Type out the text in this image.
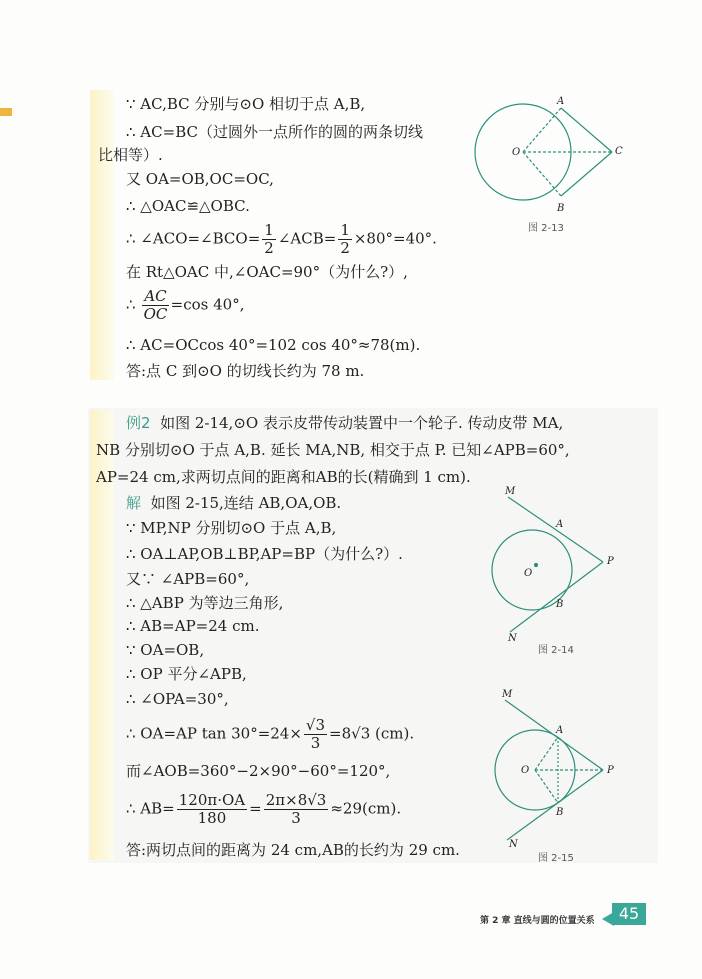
∵ AC,BC 分别与⊙O 相切于点 A,B,
∴ AC=BC（过圆外一点所作的圆的两条切线
比相等）.
又 OA=OB,OC=OC,
∴ △OAC≌△OBC.
∴ ∠ACO=∠BCO= $\frac{1}{2}$ ∠ACB= $\frac{1}{2} \times 80^\circ=40^\circ$.
在 Rt△OAC 中,∠OAC=90°（为什么?）,
∴ $\frac{AC}{OC} =\cos$ 40°,
∴ AC=OCcos 40°=102 cos 40°≈78(m).
答:点 C 到⊙O 的切线长约为 78 m.
例2 如图 2-14,⊙O 表示皮带传动装置中一个轮子. 传动皮带 MA,
NB 分别切⊙O 于点 A,B. 延长 MA,NB, 相交于点 P. 已知∠APB=60°,
AP=24 cm,求两切点间的距离和AB的长(精确到 1 cm).
解 如图 2-15,连结 AB,OA,OB.
∵ MP,NP 分别切⊙O 于点 A,B,
∴ OA⊥AP,OB⊥BP,AP=BP（为什么?）.
又∵ ∠APB=60°,
∴ △ABP 为等边三角形,
∴ AB=AP=24 cm.
∵ OA=OB,
∴ OP 平分∠APB,
∴ ∠OPA=30°,
∴ OA=AP $\tan 30^\circ=24\times \frac{√3}{3} =8√3$ (cm).
而∠AOB=360°−2×90°−60°=120°,
∴ $AB= \frac{120\pi\cdot OA}{180} = \frac{2\pi\times 8√3}{3} \approx 29(cm)$.
答:两切点间的距离为 24 cm,AB的长约为 29 cm.
A
B
C
O
图 2-13
M
A
P
O
B
N
图 2-14
M
A
P
O
B
N
图 2-15
第 2 章 直线与圆的位置关系	45
